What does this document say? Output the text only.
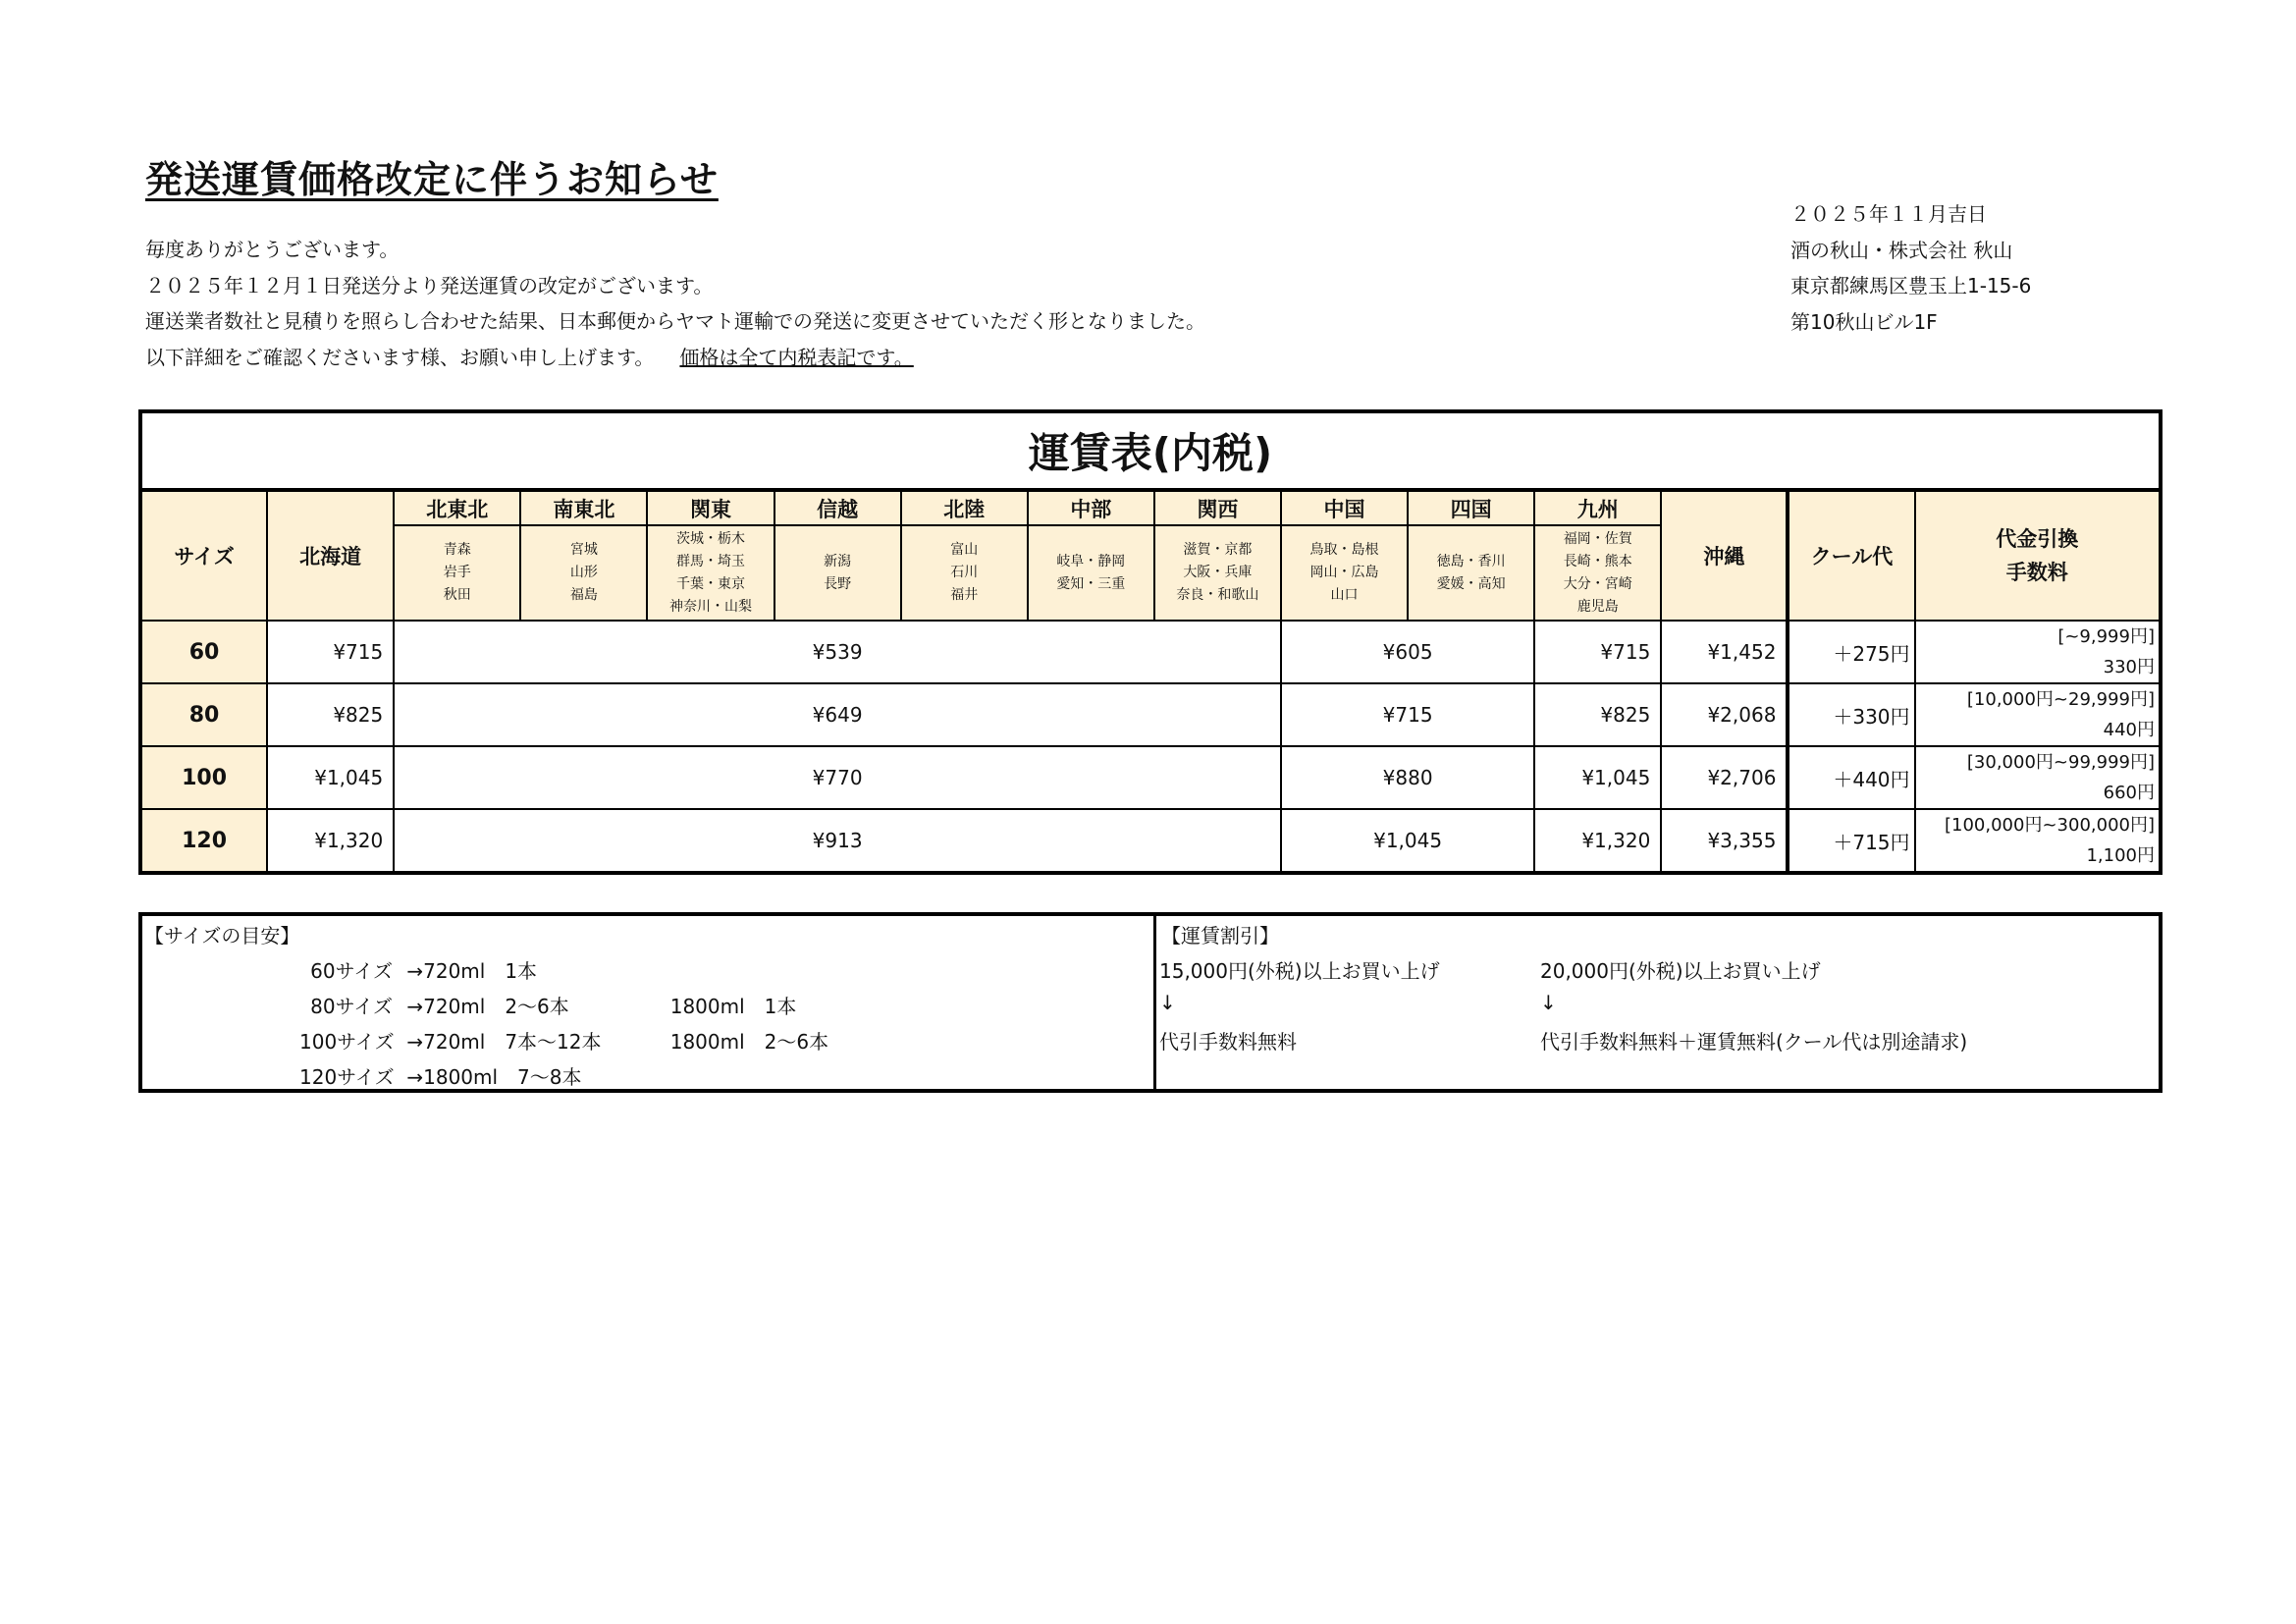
発送運賃価格改定に伴うお知らせ
毎度ありがとうございます。
２０２５年１２月１日発送分より発送運賃の改定がございます。
運送業者数社と見積りを照らし合わせた結果、日本郵便からヤマト運輸での発送に変更させていただく形となりました。
以下詳細をご確認くださいます様、お願い申し上げます。 価格は全て内税表記です。
２０２５年１１月吉日
酒の秋山・株式会社 秋山
東京都練馬区豊玉上1-15-6
第10秋山ビル1F
運賃表(内税)														
サイズ	北海道	北東北	南東北	関東	信越	北陸	中部	関西	中国	四国	九州	沖縄	クール代	代金引換
手数料
		青森
岩手
秋田	宮城
山形
福島	茨城・栃木
群馬・埼玉
千葉・東京
神奈川・山梨	新潟
長野	富山
石川
福井	岐阜・静岡
愛知・三重	滋賀・京都
大阪・兵庫
奈良・和歌山	鳥取・島根
岡山・広島
山口	徳島・香川
愛媛・高知	福岡・佐賀
長崎・熊本
大分・宮崎
鹿児島			
60	¥715	¥539							¥605		¥715	¥1,452	＋275円	[~9,999円]
330円

80	¥825	¥649							¥715		¥825	¥2,068	＋330円	[10,000円~29,999円]
440円

100	¥1,045	¥770							¥880		¥1,045	¥2,706	＋440円	[30,000円~99,999円]
660円

120	¥1,320	¥913							¥1,045		¥1,320	¥3,355	＋715円	[100,000円~300,000円]
1,100円
【サイズの目安】
60サイズ →720ml　1本
80サイズ →720ml　2〜6本	1800ml　1本
100サイズ →720ml　7本〜12本	1800ml　2〜6本
120サイズ →1800ml　7〜8本
【運賃割引】
15,000円(外税)以上お買い上げ
↓
代引手数料無料
20,000円(外税)以上お買い上げ
↓
代引手数料無料＋運賃無料(クール代は別途請求)
